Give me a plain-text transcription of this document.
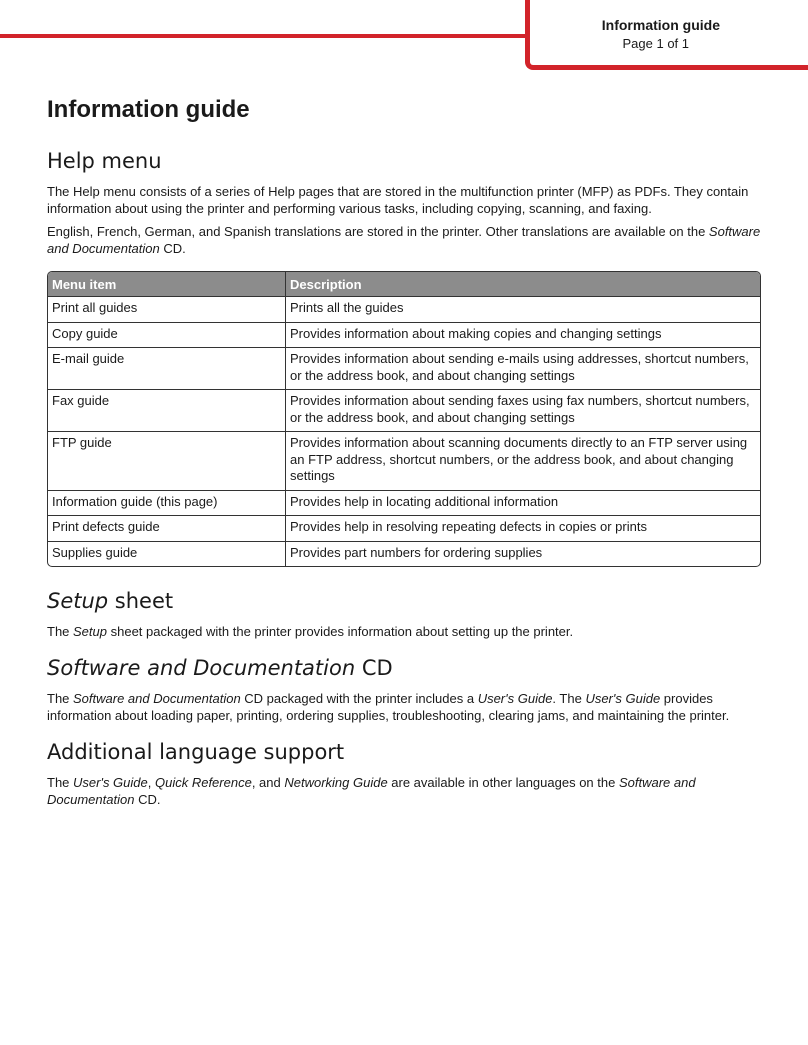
Information guide
Page 1 of 1
Information guide
Help menu

The Help menu consists of a series of Help pages that are stored in the multifunction printer (MFP) as PDFs. They contain information about using the printer and performing various tasks, including copying, scanning, and faxing.

English, French, German, and Spanish translations are stored in the printer. Other translations are available on the Software and Documentation CD.

Menu item	Description
Print all guides	Prints all the guides
Copy guide	Provides information about making copies and changing settings
E-mail guide	Provides information about sending e-mails using addresses, shortcut numbers, or the address book, and about changing settings
Fax guide	Provides information about sending faxes using fax numbers, shortcut numbers, or the address book, and about changing settings
FTP guide	Provides information about scanning documents directly to an FTP server using an FTP address, shortcut numbers, or the address book, and about changing settings
Information guide (this page)	Provides help in locating additional information
Print defects guide	Provides help in resolving repeating defects in copies or prints
Supplies guide	Provides part numbers for ordering supplies
Setup sheet

The Setup sheet packaged with the printer provides information about setting up the printer.

Software and Documentation CD

The Software and Documentation CD packaged with the printer includes a User's Guide. The User's Guide provides information about loading paper, printing, ordering supplies, troubleshooting, clearing jams, and maintaining the printer.

Additional language support

The User's Guide, Quick Reference, and Networking Guide are available in other languages on the Software and Documentation CD.
